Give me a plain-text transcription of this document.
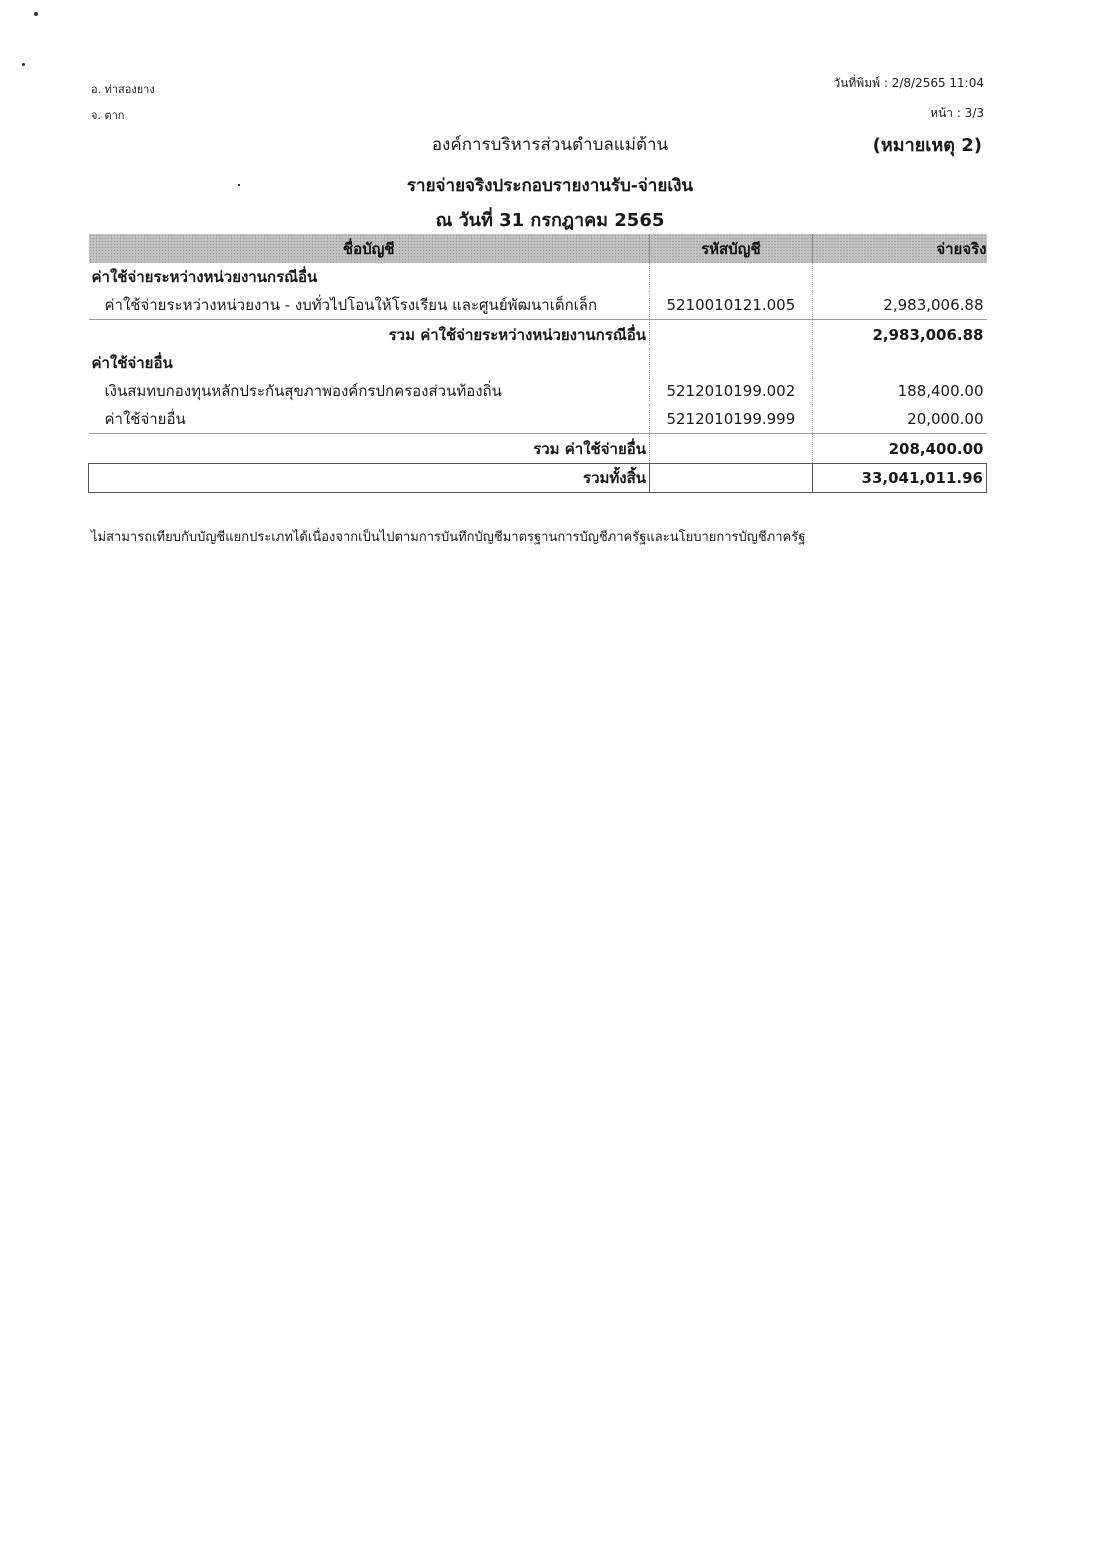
อ. ท่าสองยาง
จ. ตาก
วันที่พิมพ์ : 2/8/2565 11:04
หน้า : 3/3
องค์การบริหารส่วนตำบลแม่ต้าน	(หมายเหตุ 2)
รายจ่ายจริงประกอบรายงานรับ-จ่ายเงิน
ณ วันที่ 31 กรกฎาคม 2565
ชื่อบัญชี	รหัสบัญชี	จ่ายจริง
ค่าใช้จ่ายระหว่างหน่วยงานกรณีอื่น		
ค่าใช้จ่ายระหว่างหน่วยงาน - งบทั่วไปโอนให้โรงเรียน และศูนย์พัฒนาเด็กเล็ก	5210010121.005	2,983,006.88
รวม ค่าใช้จ่ายระหว่างหน่วยงานกรณีอื่น		2,983,006.88
ค่าใช้จ่ายอื่น		
เงินสมทบกองทุนหลักประกันสุขภาพองค์กรปกครองส่วนท้องถิ่น	5212010199.002	188,400.00
ค่าใช้จ่ายอื่น	5212010199.999	20,000.00
รวม ค่าใช้จ่ายอื่น		208,400.00
รวมทั้งสิ้น		33,041,011.96
ไม่สามารถเทียบกับบัญชีแยกประเภทได้เนื่องจากเป็นไปตามการบันทึกบัญชีมาตรฐานการบัญชีภาครัฐและนโยบายการบัญชีภาครัฐ
